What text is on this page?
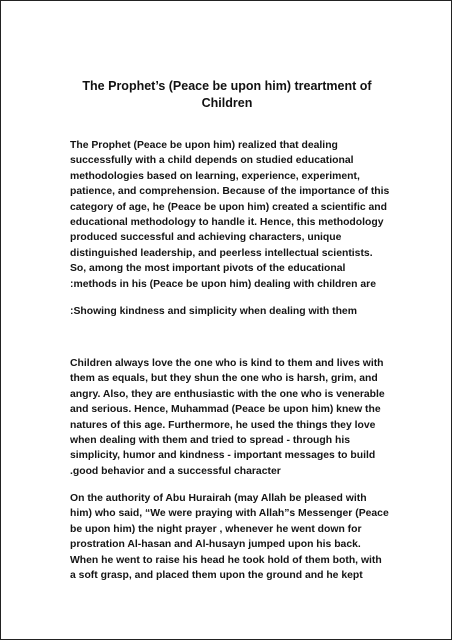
The Prophet’s (Peace be upon him) treartment of
Children

The Prophet (Peace be upon him) realized that dealing
successfully with a child depends on studied educational
methodologies based on learning, experience, experiment,
patience, and comprehension. Because of the importance of this
category of age, he (Peace be upon him) created a scientific and
educational methodology to handle it. Hence, this methodology
produced successful and achieving characters, unique
distinguished leadership, and peerless intellectual scientists.
So, among the most important pivots of the educational
:methods in his (Peace be upon him) dealing with children are

:Showing kindness and simplicity when dealing with them

Children always love the one who is kind to them and lives with
them as equals, but they shun the one who is harsh, grim, and
angry. Also, they are enthusiastic with the one who is venerable
and serious. Hence, Muhammad (Peace be upon him) knew the
natures of this age. Furthermore, he used the things they love
when dealing with them and tried to spread - through his
simplicity, humor and kindness - important messages to build
.good behavior and a successful character

On the authority of Abu Hurairah (may Allah be pleased with
him) who said, “We were praying with Allah”s Messenger (Peace
be upon him) the night prayer , whenever he went down for
prostration Al-hasan and Al-husayn jumped upon his back.
When he went to raise his head he took hold of them both, with
a soft grasp, and placed them upon the ground and he kept
